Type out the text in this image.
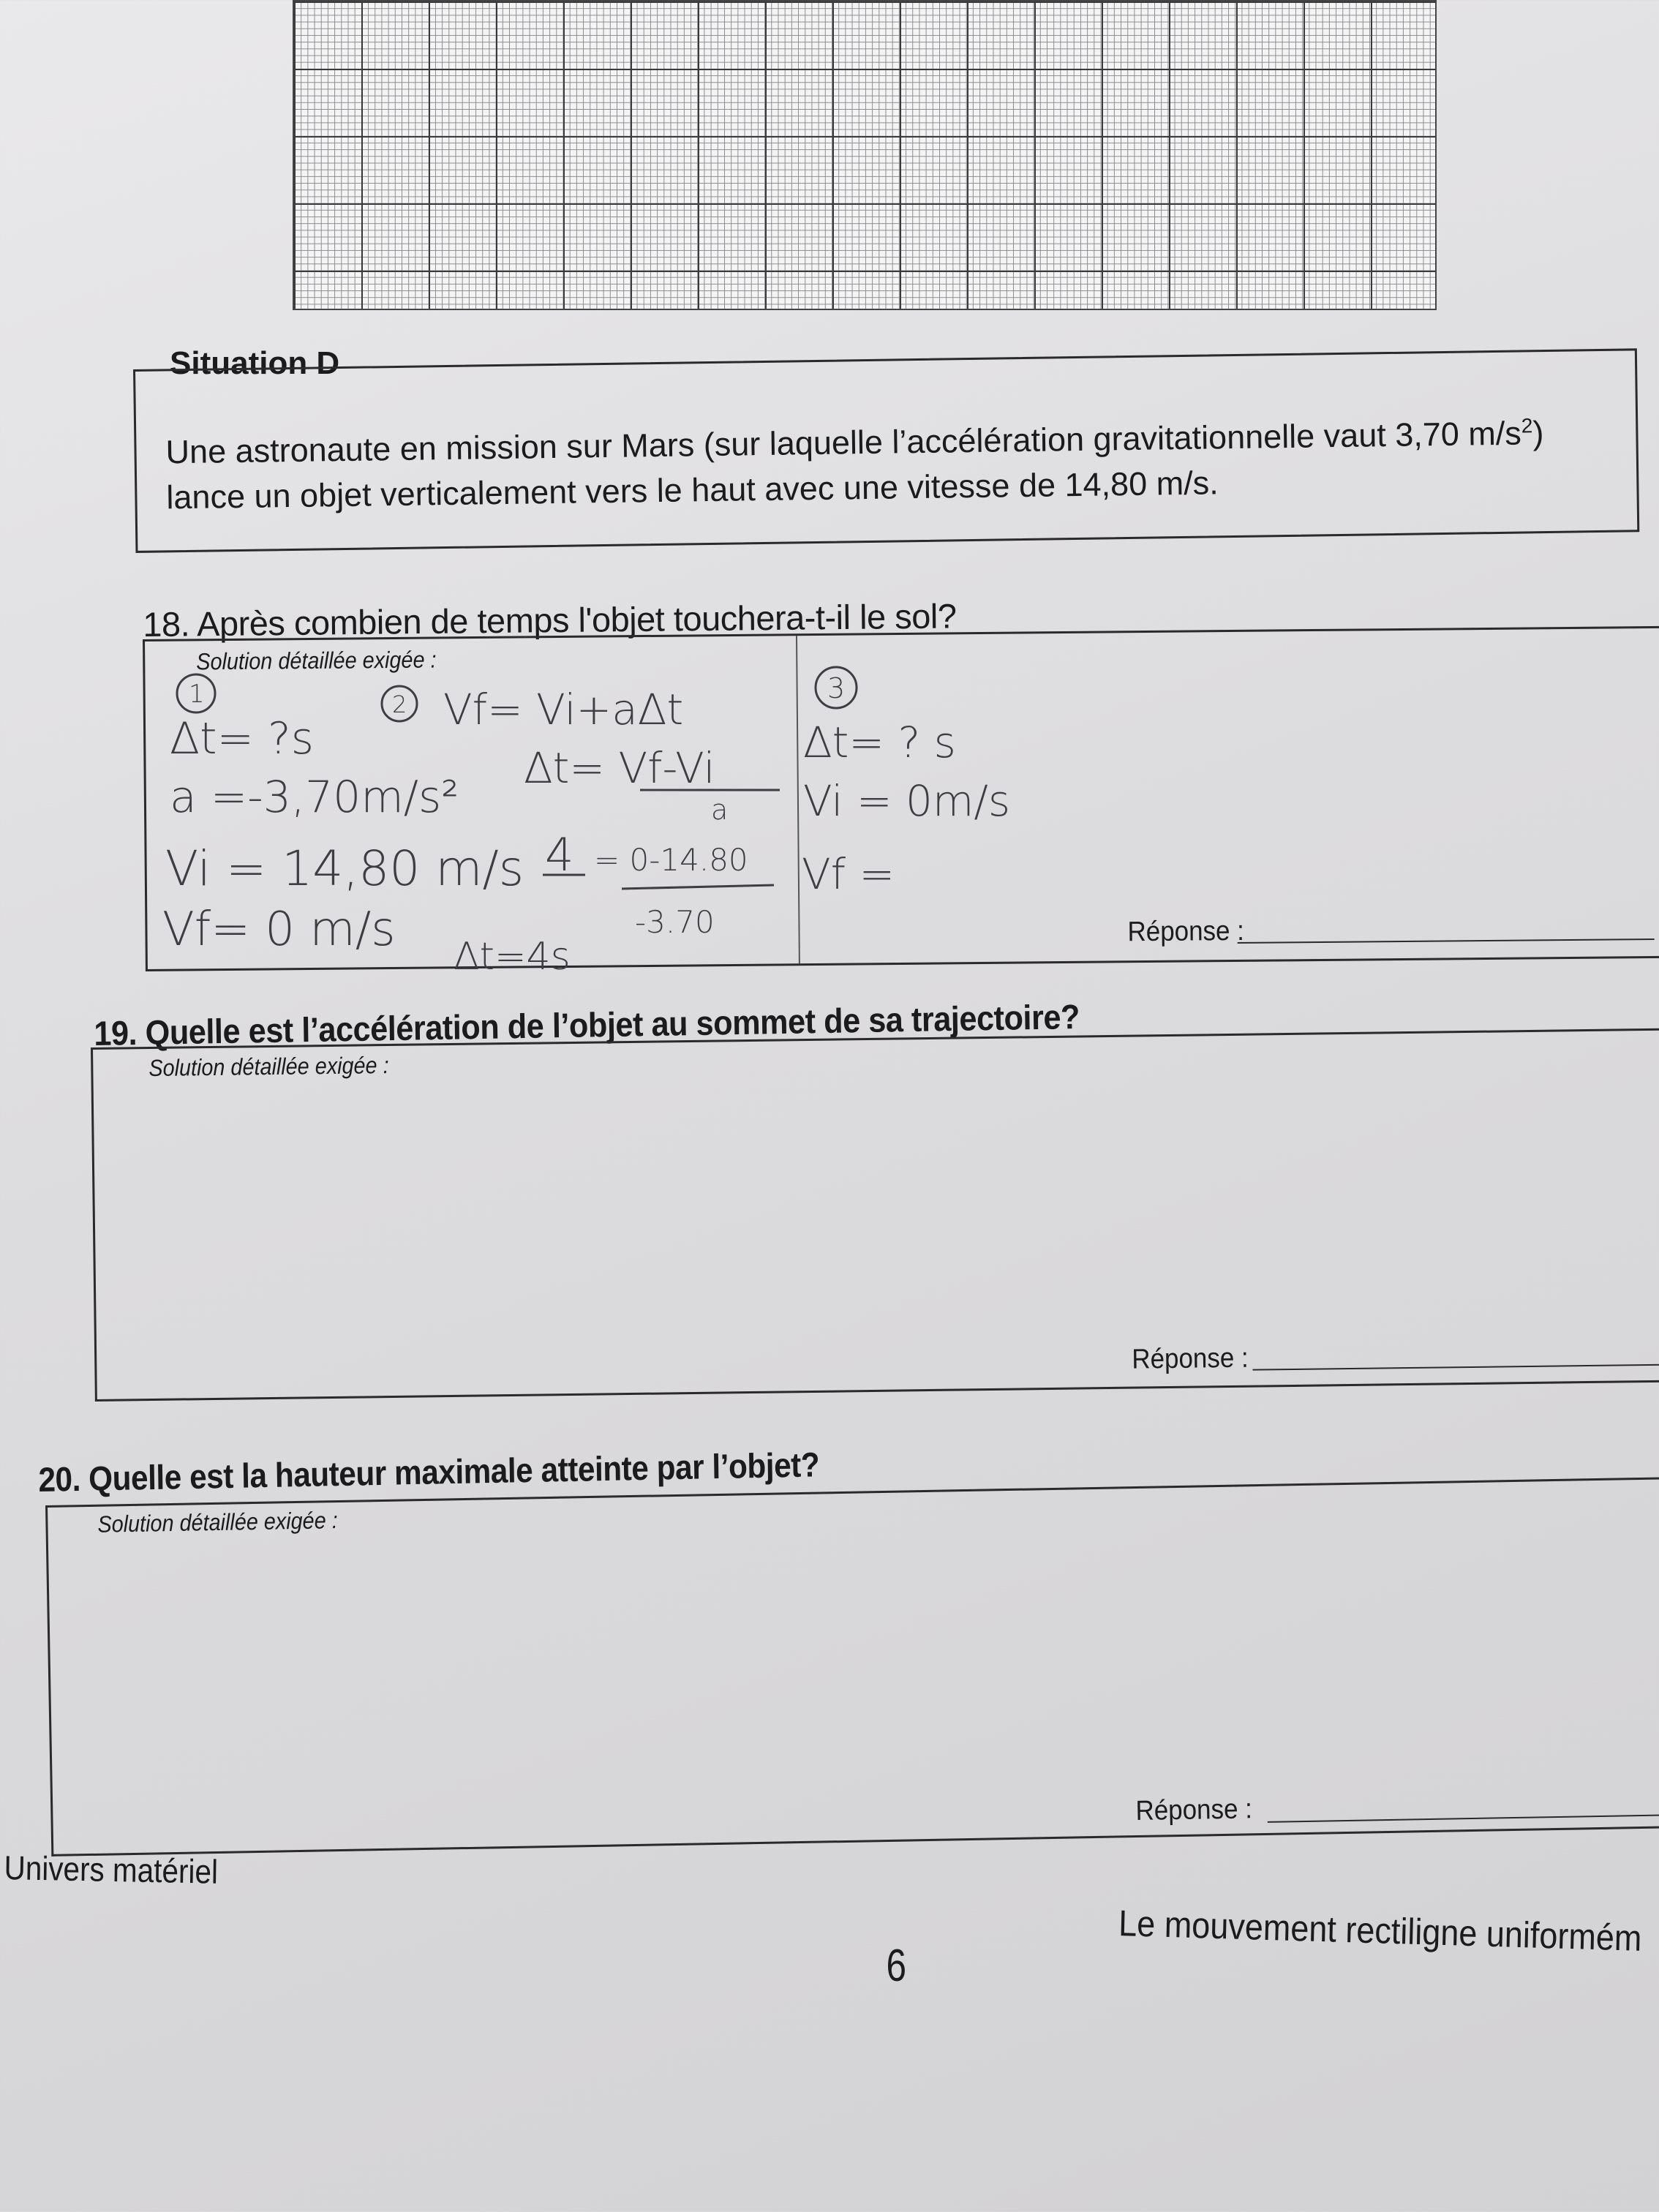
Situation D
Une astronaute en mission sur Mars (sur laquelle l’accélération gravitationnelle vaut 3,70 $m/s^2$) lance un objet verticalement vers le haut avec une vitesse de 14,80 m/s.
18. Après combien de temps l'objet touchera-t-il le sol?
Solution détaillée exigée :
Réponse :
1	2	3
Δt= ?s
a =-3,70m/s²
Vi = 14,80 m/s
Vf= 0 m/s
Vf= Vi+aΔt
Δt= Vf-Vi
a
4 = 0-14.80
-3.70
Δt=4s
Δt= ? s
Vi = 0m/s
Vf =
19. Quelle est l’accélération de l’objet au sommet de sa trajectoire?
Solution détaillée exigée :
Réponse :
20. Quelle est la hauteur maximale atteinte par l’objet?
Solution détaillée exigée :
Réponse :
Univers matériel
Le mouvement rectiligne uniformém
6
